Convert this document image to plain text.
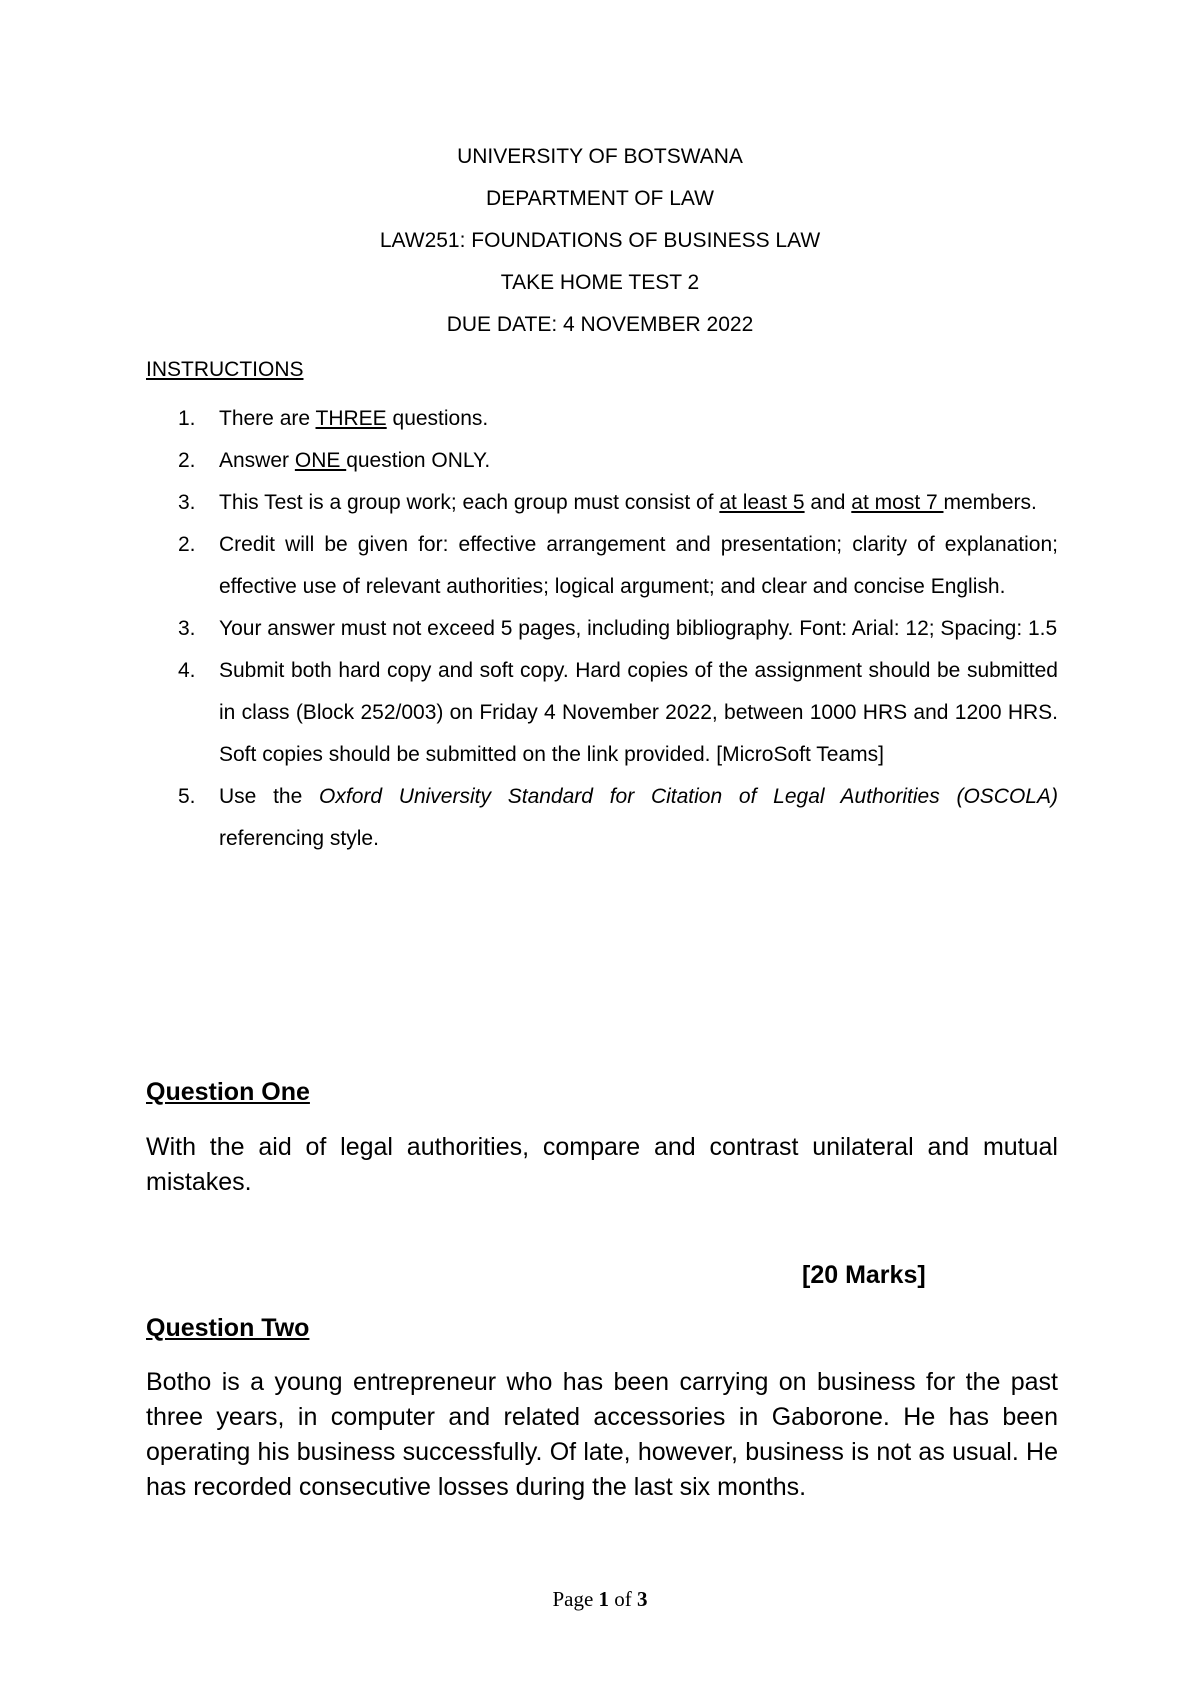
UNIVERSITY OF BOTSWANA
DEPARTMENT OF LAW
LAW251: FOUNDATIONS OF BUSINESS LAW
TAKE HOME TEST 2
DUE DATE: 4 NOVEMBER 2022
INSTRUCTIONS
1. There are THREE questions.
2. Answer ONE question ONLY.
3. This Test is a group work; each group must consist of at least 5 and at most 7 members.
2. Credit will be given for: effective arrangement and presentation; clarity of explanation; effective use of relevant authorities; logical argument; and clear and concise English.
3. Your answer must not exceed 5 pages, including bibliography. Font: Arial: 12; Spacing: 1.5
4. Submit both hard copy and soft copy. Hard copies of the assignment should be submitted in class (Block 252/003) on Friday 4 November 2022, between 1000 HRS and 1200 HRS. Soft copies should be submitted on the link provided. [MicroSoft Teams]
5. Use the Oxford University Standard for Citation of Legal Authorities (OSCOLA) referencing style.
Question One
With the aid of legal authorities, compare and contrast unilateral and mutual mistakes.
[20 Marks]
Question Two
Botho is a young entrepreneur who has been carrying on business for the past three years, in computer and related accessories in Gaborone. He has been operating his business successfully. Of late, however, business is not as usual. He has recorded consecutive losses during the last six months.
Page 1 of 3
